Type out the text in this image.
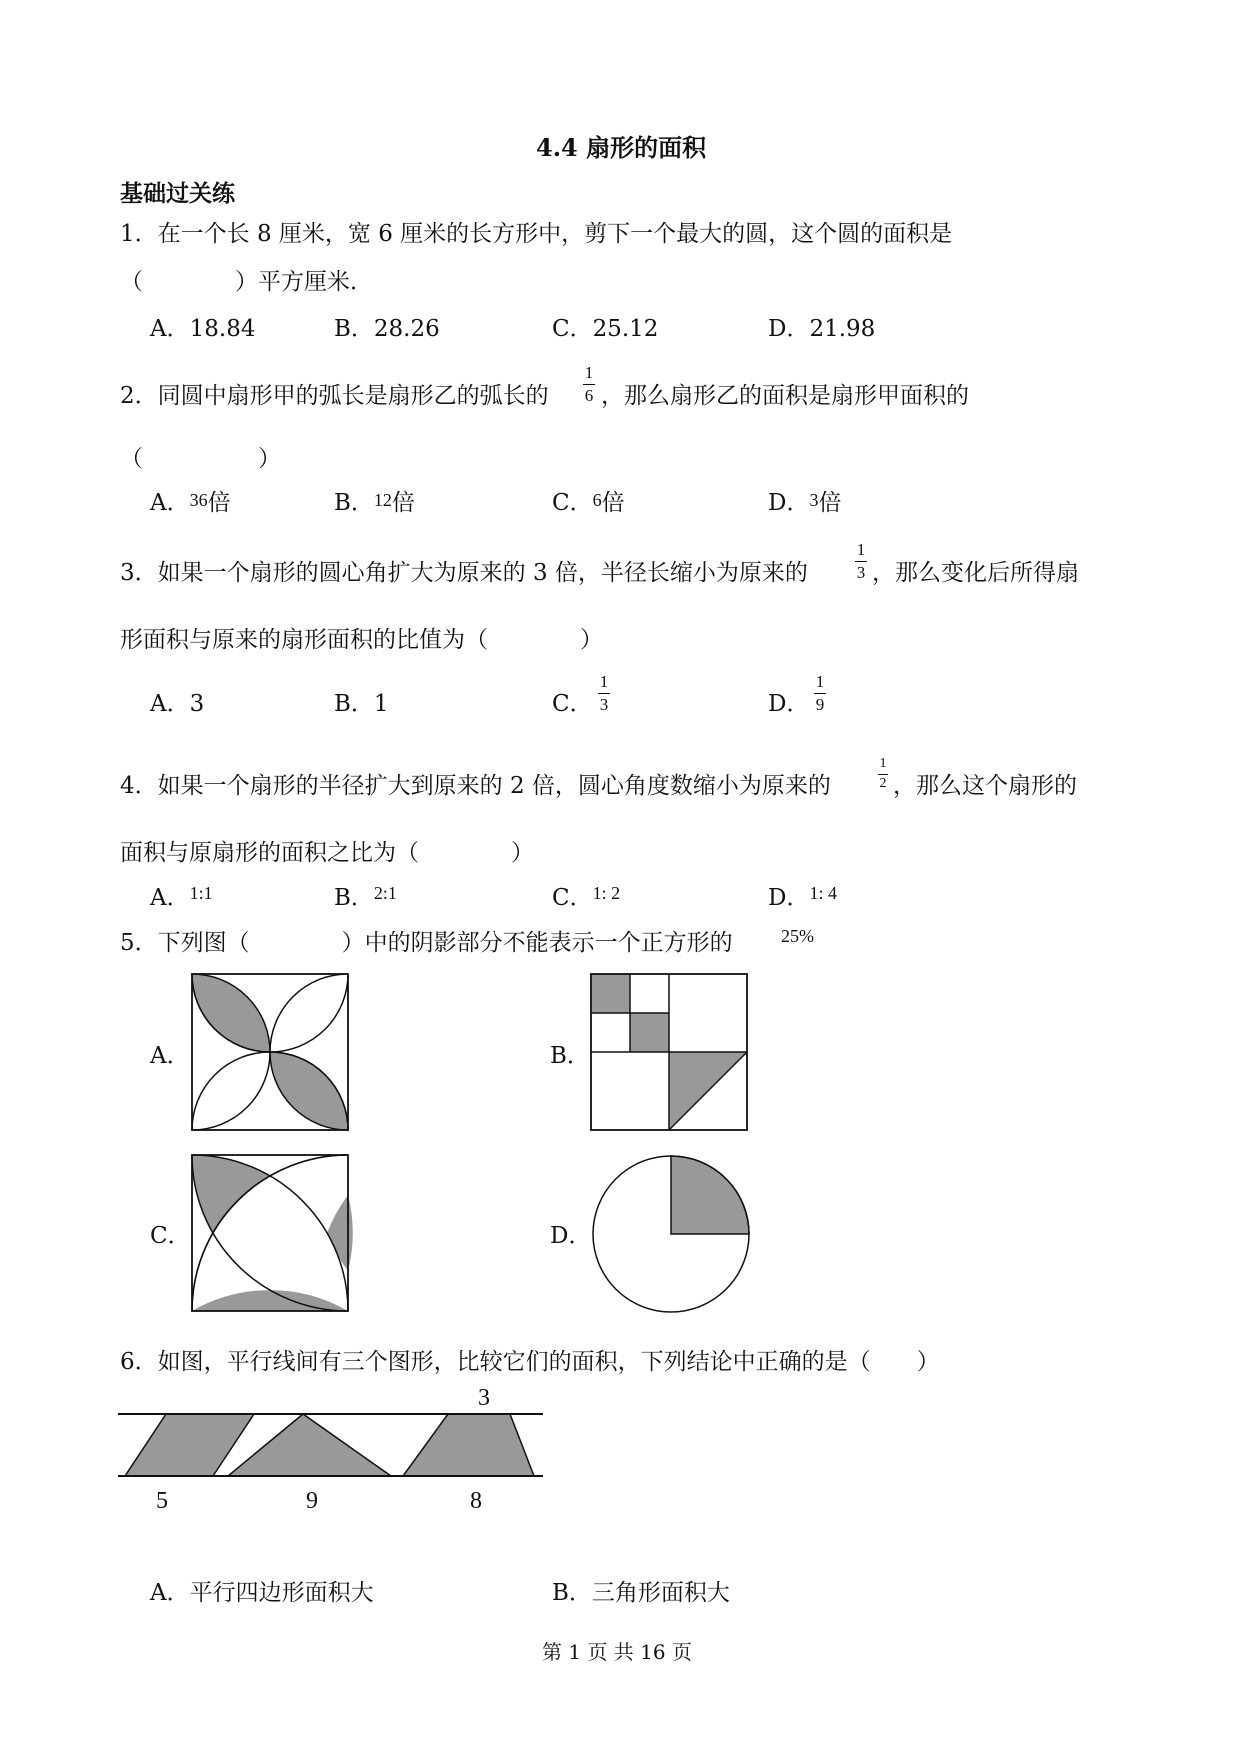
4.4 扇形的面积
基础过关练
1．在一个长 8 厘米，宽 6 厘米的长方形中，剪下一个最大的圆，这个圆的面积是
（　　　　）平方厘米．
A．18.84	B．28.26	C．25.12	D．21.98
2．同圆中扇形甲的弧长是扇形乙的弧长的
1
6 ，那么扇形乙的面积是扇形甲面积的
（　　　　　）
A．36倍	B．12倍	C．6倍	D．3倍
3．如果一个扇形的圆心角扩大为原来的 3 倍，半径长缩小为原来的
1
3 ，那么变化后所得扇
形面积与原来的扇形面积的比值为（　　　　）
A．3	B．1	C．
1
3	D．
1
9
4．如果一个扇形的半径扩大到原来的 2 倍，圆心角度数缩小为原来的
1
2 ，那么这个扇形的
面积与原扇形的面积之比为（　　　　）
A．1:1	B．2:1	C．1: 2	D．1: 4
5．下列图（　　　　）中的阴影部分不能表示一个正方形的	25%
A．	B．
C．	D．
6．如图，平行线间有三个图形，比较它们的面积，下列结论中正确的是（　　）
3
5	9	8
A．平行四边形面积大	B．三角形面积大
第 1 页 共 16 页
